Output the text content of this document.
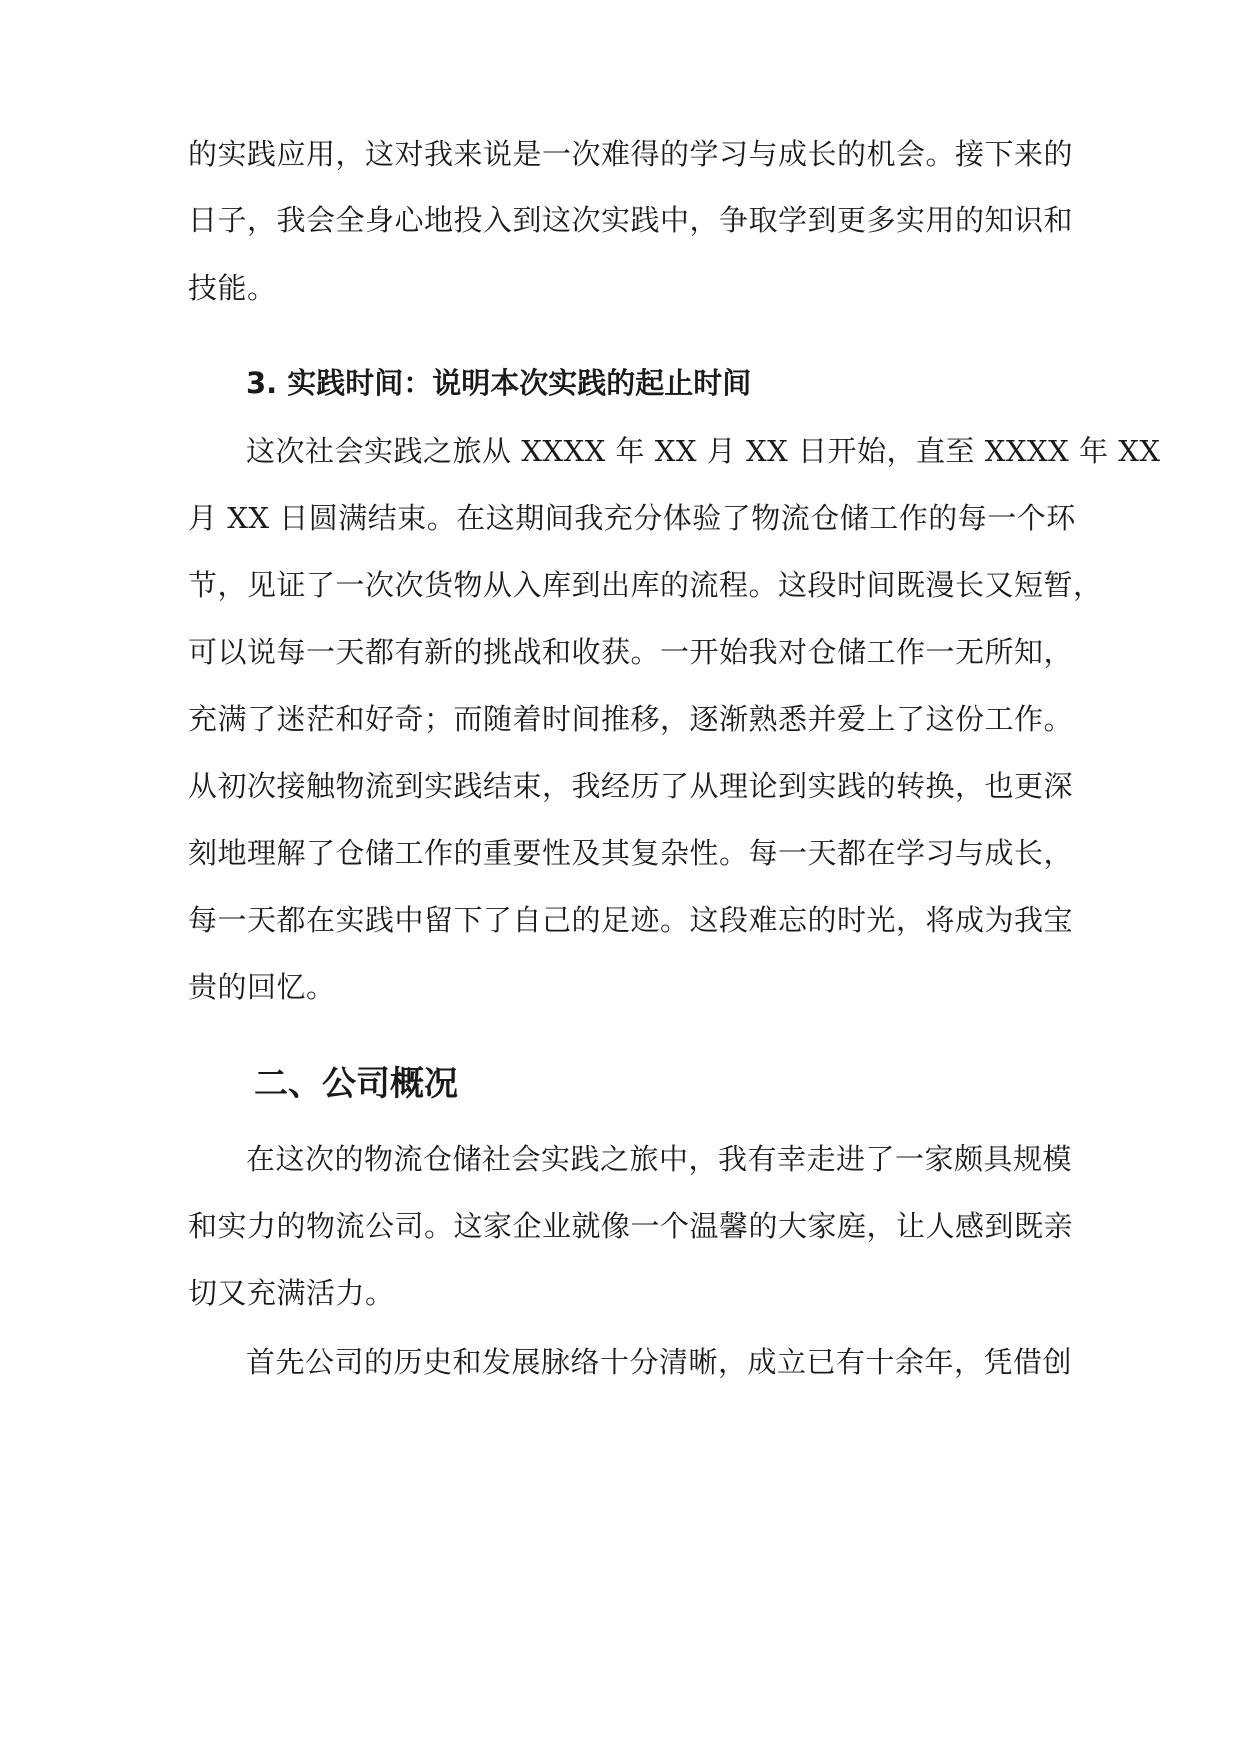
的实践应用，这对我来说是一次难得的学习与成长的机会。接下来的
日子，我会全身心地投入到这次实践中，争取学到更多实用的知识和
技能。
3. 实践时间：说明本次实践的起止时间
这次社会实践之旅从 XXXX 年 XX 月 XX 日开始，直至 XXXX 年 XX
月 XX 日圆满结束。在这期间我充分体验了物流仓储工作的每一个环
节，见证了一次次货物从入库到出库的流程。这段时间既漫长又短暂，
可以说每一天都有新的挑战和收获。一开始我对仓储工作一无所知，
充满了迷茫和好奇；而随着时间推移，逐渐熟悉并爱上了这份工作。
从初次接触物流到实践结束，我经历了从理论到实践的转换，也更深
刻地理解了仓储工作的重要性及其复杂性。每一天都在学习与成长，
每一天都在实践中留下了自己的足迹。这段难忘的时光，将成为我宝
贵的回忆。
二、公司概况
在这次的物流仓储社会实践之旅中，我有幸走进了一家颇具规模
和实力的物流公司。这家企业就像一个温馨的大家庭，让人感到既亲
切又充满活力。
首先公司的历史和发展脉络十分清晰，成立已有十余年，凭借创
